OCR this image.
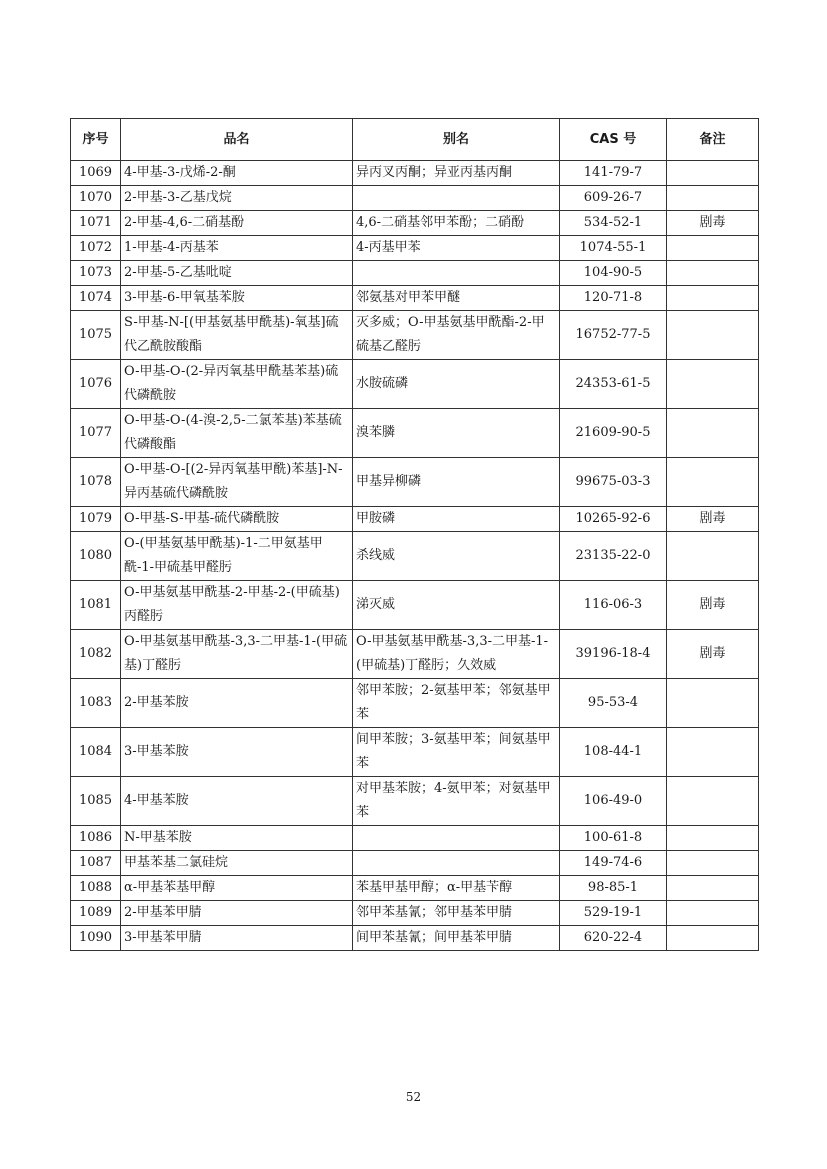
序号	品名	别名	CAS 号	备注
1069	4-甲基-3-戊烯-2-酮	异丙叉丙酮；异亚丙基丙酮	141-79-7	
1070	2-甲基-3-乙基戊烷		609-26-7	
1071	2-甲基-4,6-二硝基酚	4,6-二硝基邻甲苯酚；二硝酚	534-52-1	剧毒
1072	1-甲基-4-丙基苯	4-丙基甲苯	1074-55-1	
1073	2-甲基-5-乙基吡啶		104-90-5	
1074	3-甲基-6-甲氧基苯胺	邻氨基对甲苯甲醚	120-71-8	
1075	S-甲基-N-[(甲基氨基甲酰基)-氧基]硫代乙酰胺酸酯	灭多威；O-甲基氨基甲酰酯-2-甲硫基乙醛肟	16752-77-5	
1076	O-甲基-O-(2-异丙氧基甲酰基苯基)硫代磷酰胺	水胺硫磷	24353-61-5	
1077	O-甲基-O-(4-溴-2,5-二氯苯基)苯基硫代磷酸酯	溴苯膦	21609-90-5	
1078	O-甲基-O-[(2-异丙氧基甲酰)苯基]-N-异丙基硫代磷酰胺	甲基异柳磷	99675-03-3	
1079	O-甲基-S-甲基-硫代磷酰胺	甲胺磷	10265-92-6	剧毒
1080	O-(甲基氨基甲酰基)-1-二甲氨基甲酰-1-甲硫基甲醛肟	杀线威	23135-22-0	
1081	O-甲基氨基甲酰基-2-甲基-2-(甲硫基)丙醛肟	涕灭威	116-06-3	剧毒
1082	O-甲基氨基甲酰基-3,3-二甲基-1-(甲硫基)丁醛肟	O-甲基氨基甲酰基-3,3-二甲基-1-(甲硫基)丁醛肟；久效威	39196-18-4	剧毒
1083	2-甲基苯胺	邻甲苯胺；2-氨基甲苯；邻氨基甲苯	95-53-4	
1084	3-甲基苯胺	间甲苯胺；3-氨基甲苯；间氨基甲苯	108-44-1	
1085	4-甲基苯胺	对甲基苯胺；4-氨甲苯；对氨基甲苯	106-49-0	
1086	N-甲基苯胺		100-61-8	
1087	甲基苯基二氯硅烷		149-74-6	
1088	α-甲基苯基甲醇	苯基甲基甲醇；α-甲基苄醇	98-85-1	
1089	2-甲基苯甲腈	邻甲苯基氰；邻甲基苯甲腈	529-19-1	
1090	3-甲基苯甲腈	间甲苯基氰；间甲基苯甲腈	620-22-4	
52
